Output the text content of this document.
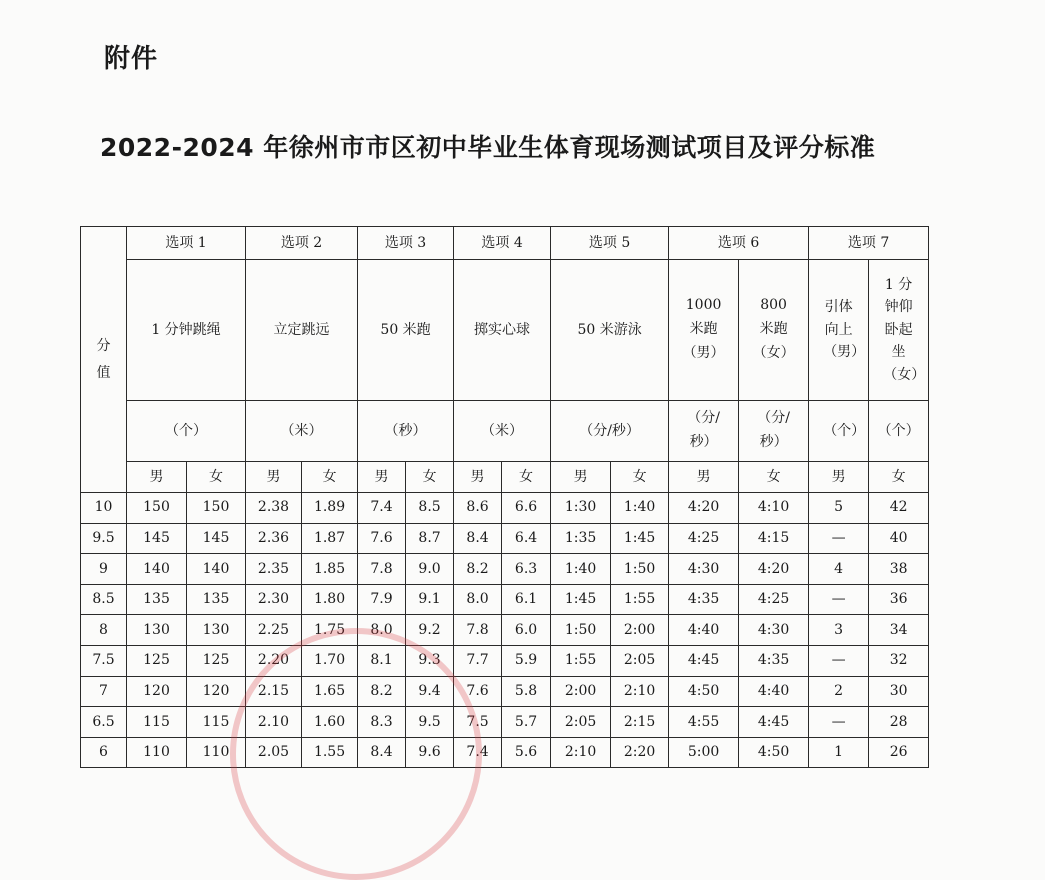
附件
2022-2024 年徐州市市区初中毕业生体育现场测试项目及评分标准
分值	选项 1		选项 2		选项 3		选项 4		选项 5		选项 6		选项 7	
	1 分钟跳绳		立定跳远		50 米跑		掷实心球		50 米游泳		1000 米跑（男）	800 米跑（女）	引体向上（男）	1 分钟仰卧起坐（女）
	（个）		（米）		（秒）		（米）		（分/秒）		（分/秒）	（分/秒）	（个）	（个）
	男	女	男	女	男	女	男	女	男	女	男	女	男	女
10	150	150	2.38	1.89	7.4	8.5	8.6	6.6	1:30	1:40	4:20	4:10	5	42
9.5	145	145	2.36	1.87	7.6	8.7	8.4	6.4	1:35	1:45	4:25	4:15	—	40
9	140	140	2.35	1.85	7.8	9.0	8.2	6.3	1:40	1:50	4:30	4:20	4	38
8.5	135	135	2.30	1.80	7.9	9.1	8.0	6.1	1:45	1:55	4:35	4:25	—	36
8	130	130	2.25	1.75	8.0	9.2	7.8	6.0	1:50	2:00	4:40	4:30	3	34
7.5	125	125	2.20	1.70	8.1	9.3	7.7	5.9	1:55	2:05	4:45	4:35	—	32
7	120	120	2.15	1.65	8.2	9.4	7.6	5.8	2:00	2:10	4:50	4:40	2	30
6.5	115	115	2.10	1.60	8.3	9.5	7.5	5.7	2:05	2:15	4:55	4:45	—	28
6	110	110	2.05	1.55	8.4	9.6	7.4	5.6	2:10	2:20	5:00	4:50	1	26
